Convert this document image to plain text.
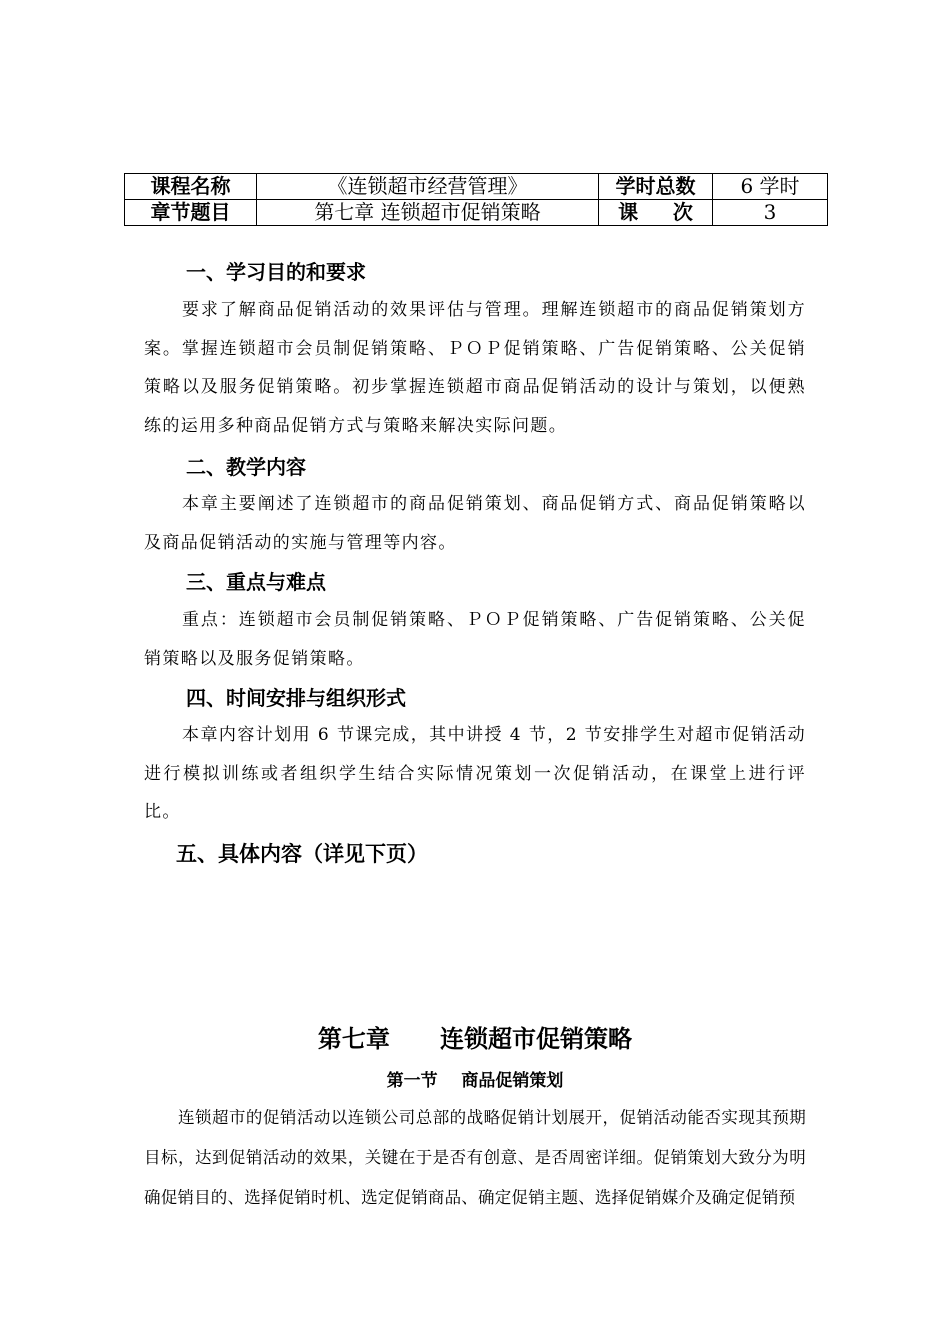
课程名称	《连锁超市经营管理》	学时总数	6 学时
章节题目	第七章 连锁超市促销策略	课     次	3
一、学习目的和要求

要求了解商品促销活动的效果评估与管理。理解连锁超市的商品促销策划方案。掌握连锁超市会员制促销策略、ＰＯＰ促销策略、广告促销策略、公关促销策略以及服务促销策略。初步掌握连锁超市商品促销活动的设计与策划，以便熟练的运用多种商品促销方式与策略来解决实际问题。

二、教学内容

本章主要阐述了连锁超市的商品促销策划、商品促销方式、商品促销策略以及商品促销活动的实施与管理等内容。

三、重点与难点

重点：连锁超市会员制促销策略、ＰＯＰ促销策略、广告促销策略、公关促销策略以及服务促销策略。

四、时间安排与组织形式

本章内容计划用 6 节课完成，其中讲授 4 节，2 节安排学生对超市促销活动进行模拟训练或者组织学生结合实际情况策划一次促销活动，在课堂上进行评比。

五、具体内容（详见下页）
第七章      连锁超市促销策略
第一节    商品促销策划

连锁超市的促销活动以连锁公司总部的战略促销计划展开，促销活动能否实现其预期目标，达到促销活动的效果，关键在于是否有创意、是否周密详细。促销策划大致分为明确促销目的、选择促销时机、选定促销商品、确定促销主题、选择促销媒介及确定促销预
